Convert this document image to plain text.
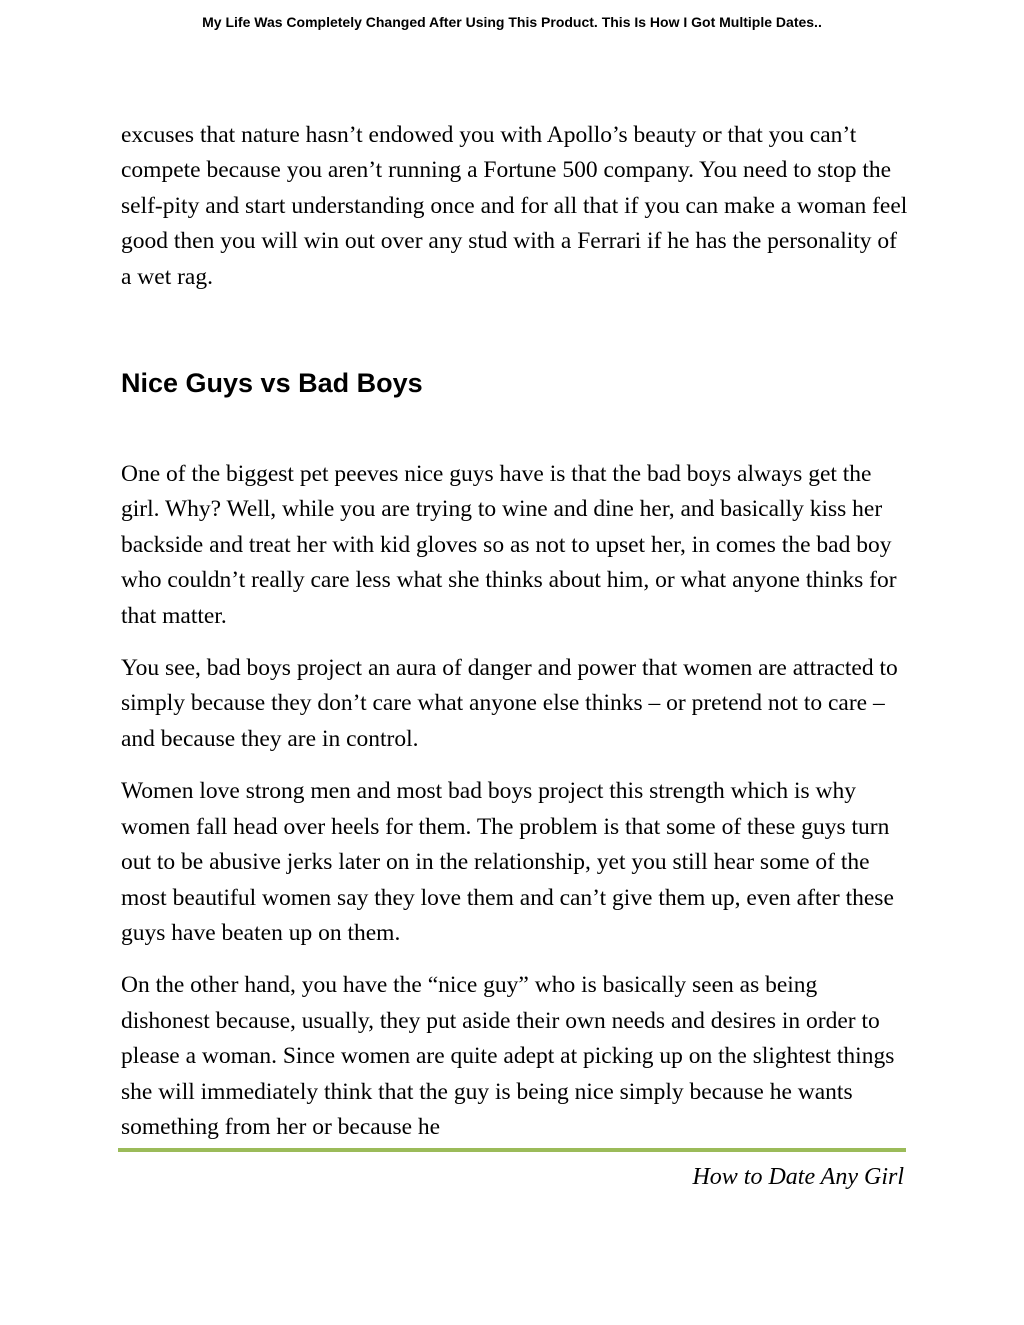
My Life Was Completely Changed After Using This Product. This Is How I Got Multiple Dates..

excuses that nature hasn’t endowed you with Apollo’s beauty or that you can’t compete because you aren’t running a Fortune 500 company. You need to stop the self-pity and start understanding once and for all that if you can make a woman feel good then you will win out over any stud with a Ferrari if he has the personality of a wet rag.

Nice Guys vs Bad Boys

One of the biggest pet peeves nice guys have is that the bad boys always get the girl. Why? Well, while you are trying to wine and dine her, and basically kiss her backside and treat her with kid gloves so as not to upset her, in comes the bad boy who couldn’t really care less what she thinks about him, or what anyone thinks for that matter.

You see, bad boys project an aura of danger and power that women are attracted to simply because they don’t care what anyone else thinks – or pretend not to care – and because they are in control.

Women love strong men and most bad boys project this strength which is why women fall head over heels for them. The problem is that some of these guys turn out to be abusive jerks later on in the relationship, yet you still hear some of the most beautiful women say they love them and can’t give them up, even after these guys have beaten up on them.

On the other hand, you have the “nice guy” who is basically seen as being dishonest because, usually, they put aside their own needs and desires in order to please a woman. Since women are quite adept at picking up on the slightest things she will immediately think that the guy is being nice simply because he wants something from her or because he

How to Date Any Girl
